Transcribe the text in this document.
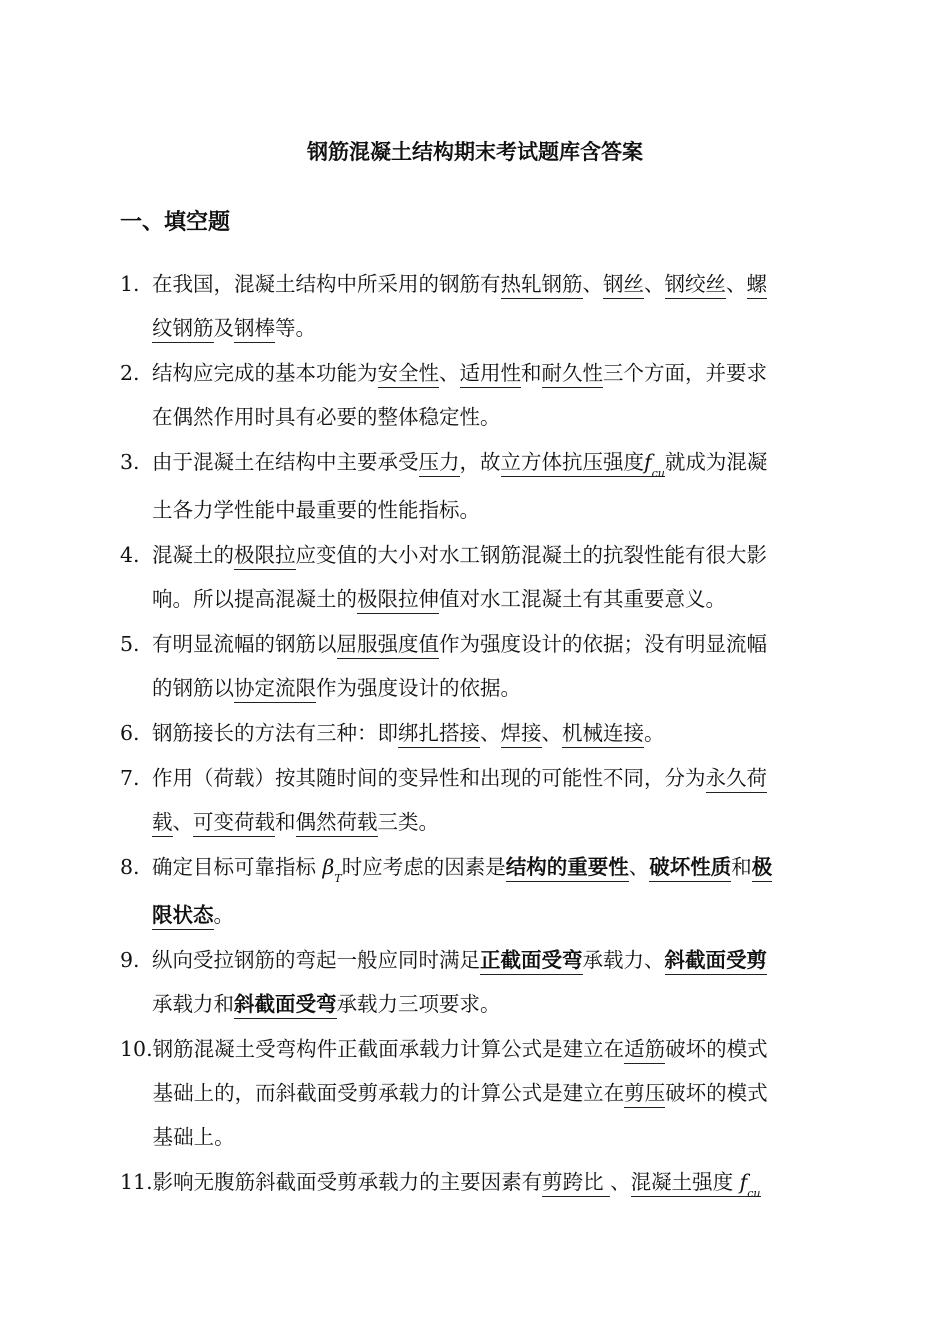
钢筋混凝土结构期末考试题库含答案
一、填空题
1. 在我国，混凝土结构中所采用的钢筋有热轧钢筋、钢丝、钢绞丝、螺
纹钢筋及钢棒等。
2. 结构应完成的基本功能为安全性、适用性和耐久性三个方面，并要求
在偶然作用时具有必要的整体稳定性。
3. 由于混凝土在结构中主要承受压力，故立方体抗压强度$f_{cu}$就成为混凝
土各力学性能中最重要的性能指标。
4. 混凝土的极限拉应变值的大小对水工钢筋混凝土的抗裂性能有很大影
响。所以提高混凝土的极限拉伸值对水工混凝土有其重要意义。
5. 有明显流幅的钢筋以屈服强度值作为强度设计的依据；没有明显流幅
的钢筋以协定流限作为强度设计的依据。
6. 钢筋接长的方法有三种：即绑扎搭接、焊接、机械连接。
7. 作用（荷载）按其随时间的变异性和出现的可能性不同，分为永久荷
载、可变荷载和偶然荷载三类。
8. 确定目标可靠指标 $\beta_T$时应考虑的因素是结构的重要性、破坏性质和极
限状态。
9. 纵向受拉钢筋的弯起一般应同时满足正截面受弯承载力、斜截面受剪
承载力和斜截面受弯承载力三项要求。
10. 钢筋混凝土受弯构件正截面承载力计算公式是建立在适筋破坏的模式
基础上的，而斜截面受剪承载力的计算公式是建立在剪压破坏的模式
基础上。
11. 影响无腹筋斜截面受剪承载力的主要因素有剪跨比 、混凝土强度 $f_{cu}$
